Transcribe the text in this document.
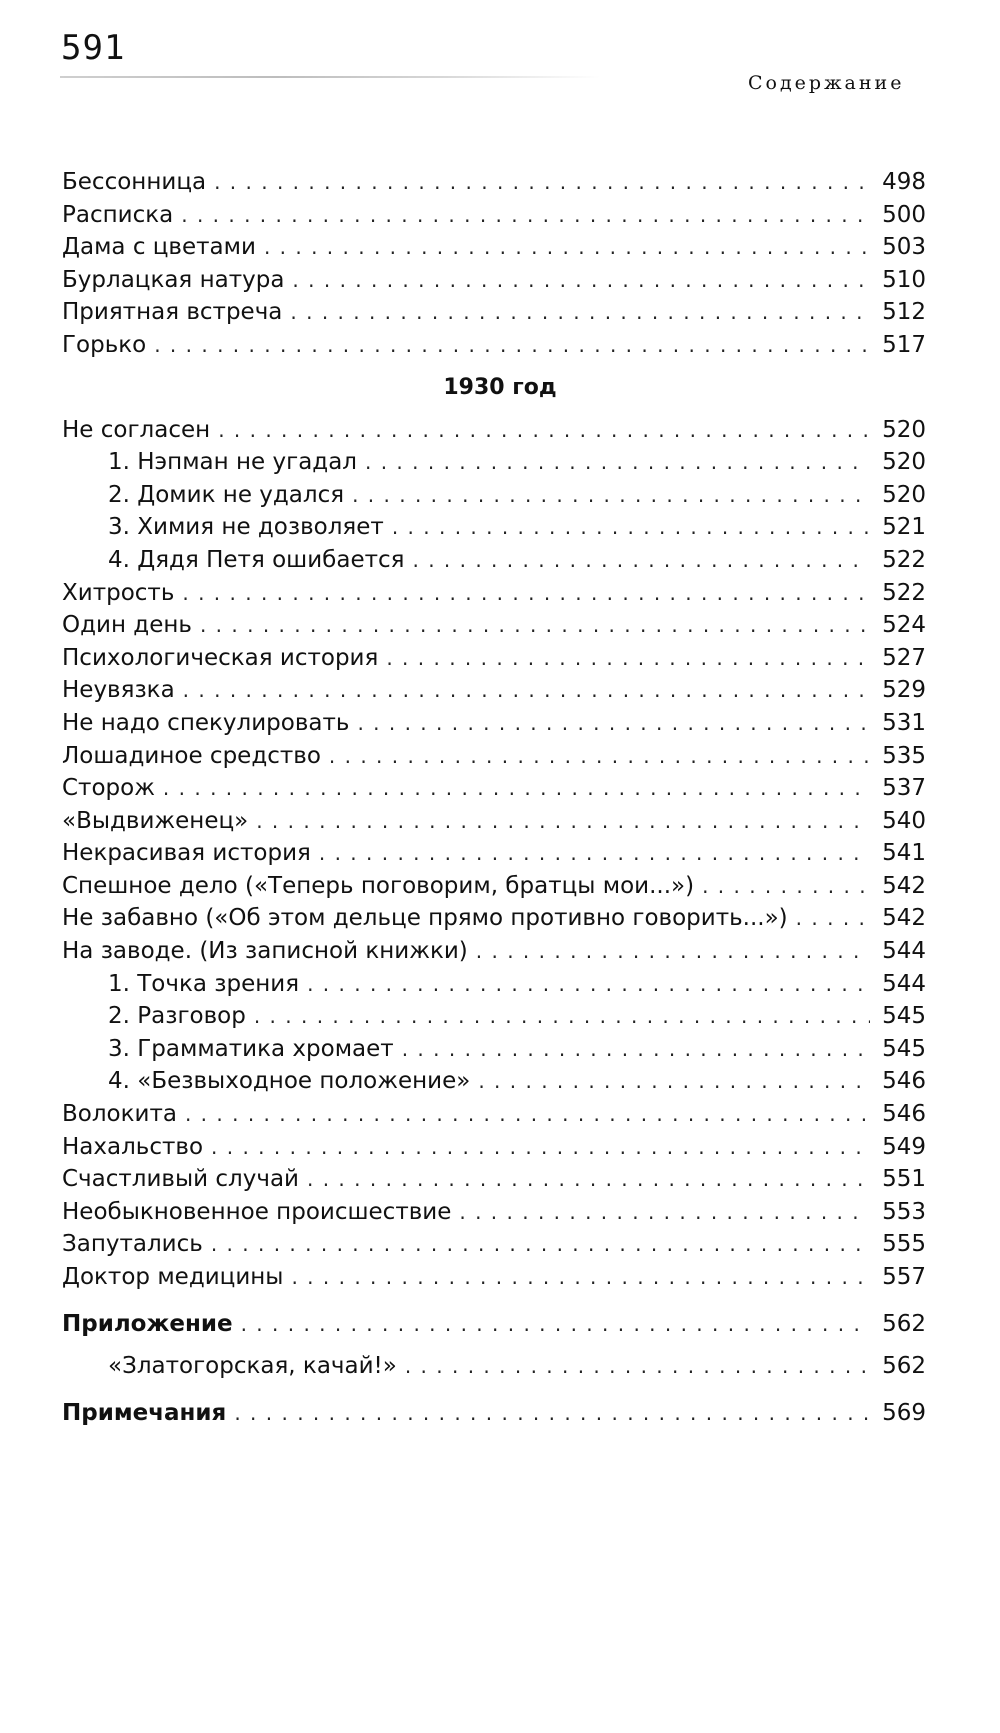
591
Содержание
Бессонница . . .	498
Расписка . . .	500
Дама с цветами . . .	503
Бурлацкая натура . . .	510
Приятная встреча . . .	512
Горько . . .	517
1930 год
Не согласен . . .	520
1. Нэпман не угадал . . .	520
2. Домик не удался . . .	520
3. Химия не дозволяет . . .	521
4. Дядя Петя ошибается . . .	522
Хитрость . . .	522
Один день . . .	524
Психологическая история . . .	527
Неувязка . . .	529
Не надо спекулировать . . .	531
Лошадиное средство . . .	535
Сторож . . .	537
«Выдвиженец» . . .	540
Некрасивая история . . .	541
Спешное дело («Теперь поговорим, братцы мои...») . . .	542
Не забавно («Об этом дельце прямо противно говорить...») . . .	542
На заводе. (Из записной книжки) . . .	544
1. Точка зрения . . .	544
2. Разговор . . .	545
3. Грамматика хромает . . .	545
4. «Безвыходное положение» . . .	546
Волокита . . .	546
Нахальство . . .	549
Счастливый случай . . .	551
Необыкновенное происшествие . . .	553
Запутались . . .	555
Доктор медицины . . .	557
Приложение . . .	562
«Златогорская, качай!» . . .	562
Примечания . . .	569
